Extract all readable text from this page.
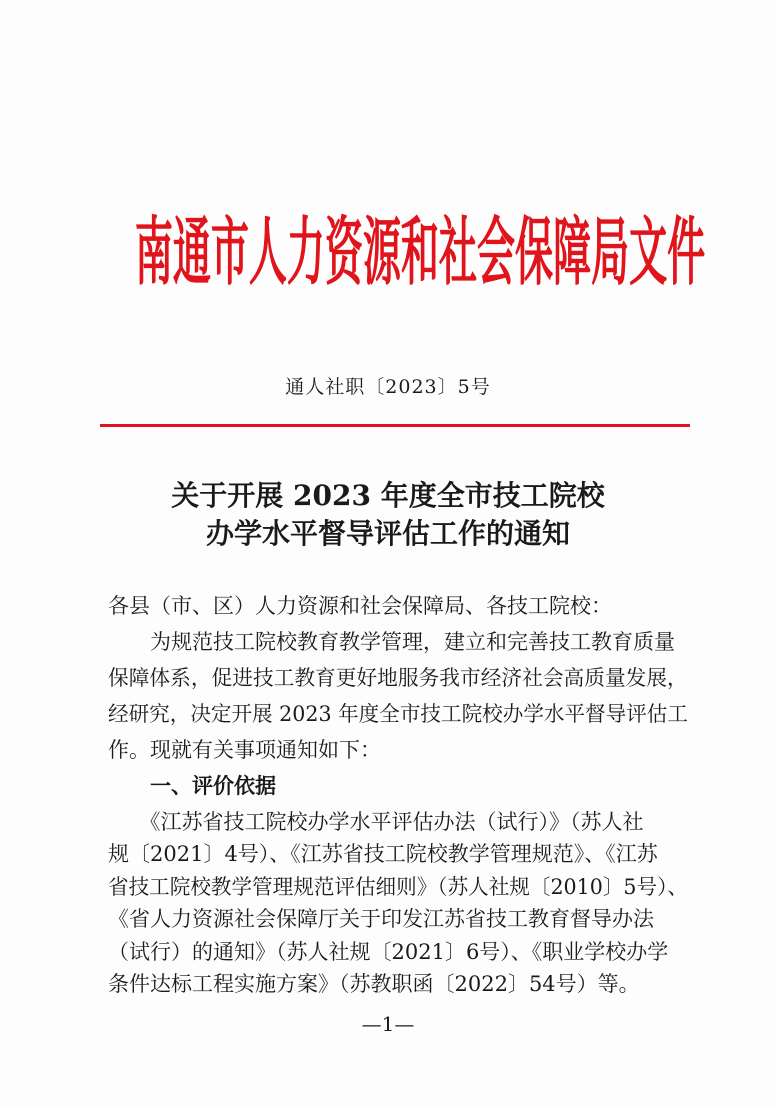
南通市人力资源和社会保障局文件
通人社职〔2023〕5号
关于开展 2023 年度全市技工院校
办学水平督导评估工作的通知
各县（市、区）人力资源和社会保障局、各技工院校：
　　为规范技工院校教育教学管理，建立和完善技工教育质量
保障体系，促进技工教育更好地服务我市经济社会高质量发展，
经研究，决定开展 2023 年度全市技工院校办学水平督导评估工
作。现就有关事项通知如下：
　　一、评价依据
　　《江苏省技工院校办学水平评估办法（试行）》（苏人社
规〔2021〕4号）、《江苏省技工院校教学管理规范》、《江苏
省技工院校教学管理规范评估细则》（苏人社规〔2010〕5号）、
《省人力资源社会保障厅关于印发江苏省技工教育督导办法
（试行）的通知》（苏人社规〔2021〕6号）、《职业学校办学
—1—
条件达标工程实施方案》（苏教职函〔2022〕54号）等。
